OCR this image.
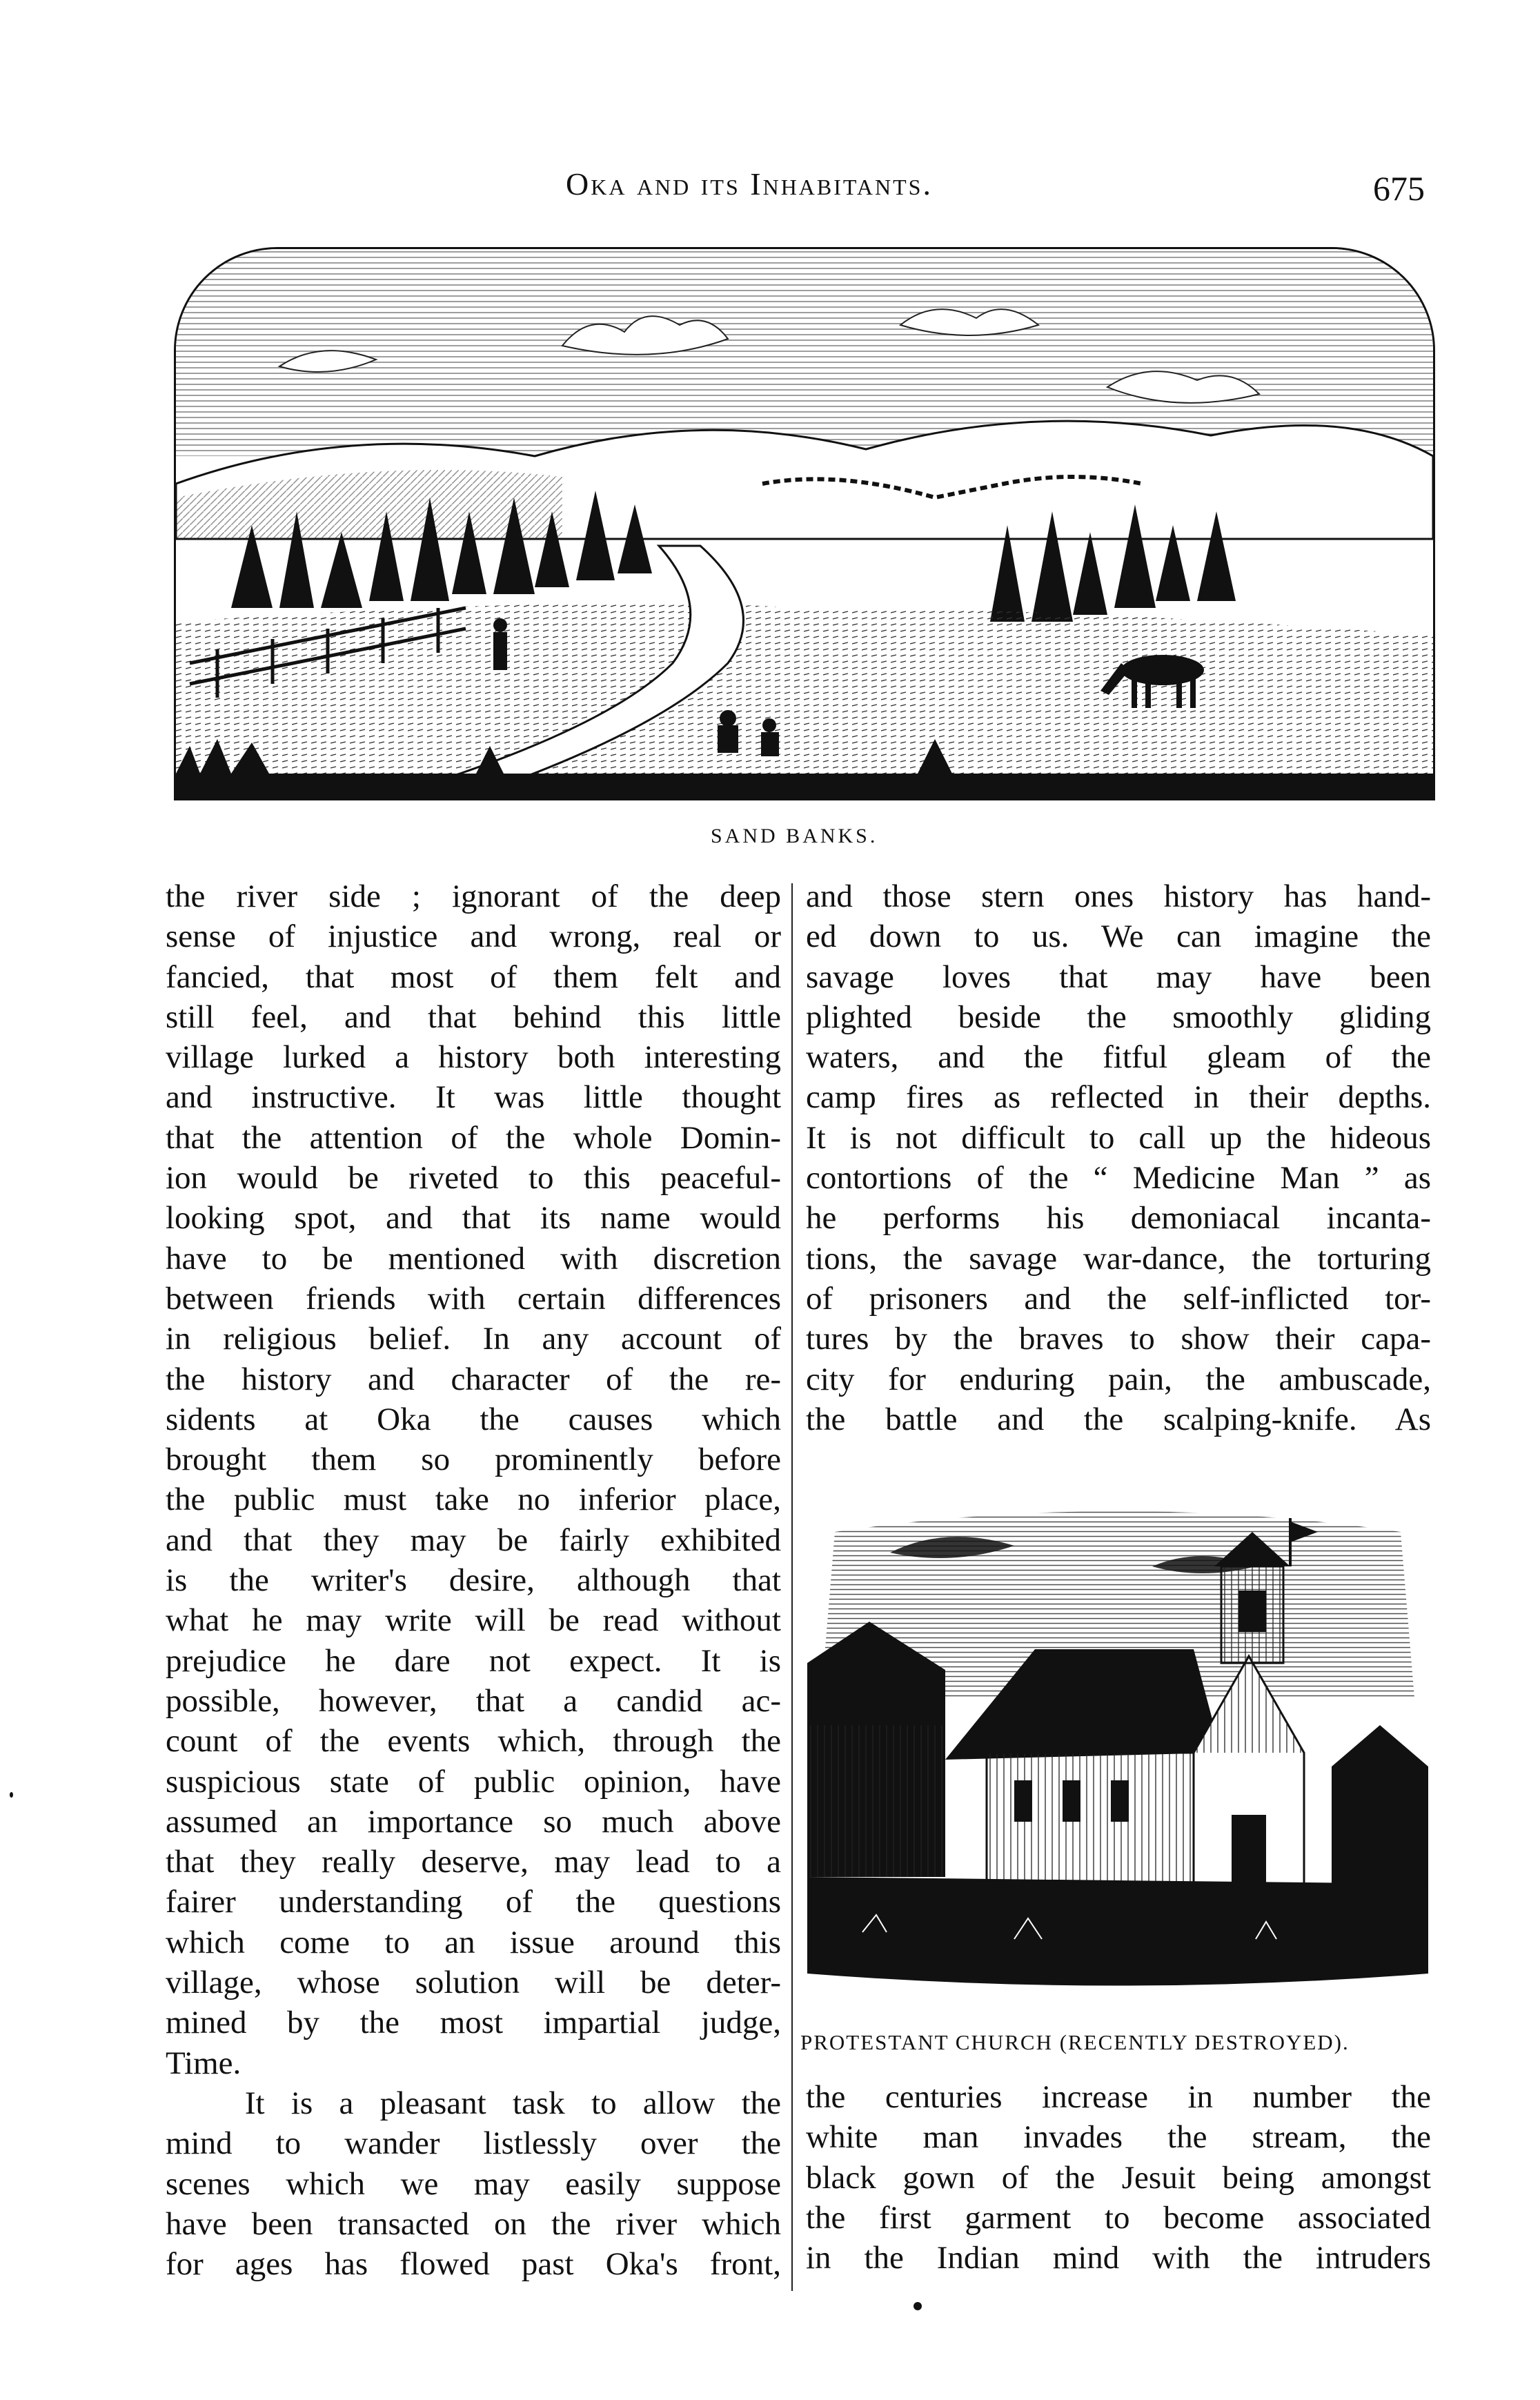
Oka and its Inhabitants.	675
SAND BANKS.
the river side ; ignorant of the deep
sense of injustice and wrong, real or
fancied, that most of them felt and
still feel, and that behind this little
village lurked a history both interesting
and instructive. It was little thought
that the attention of the whole Domin-
ion would be riveted to this peaceful-
looking spot, and that its name would
have to be mentioned with discretion
between friends with certain differences
in religious belief. In any account of
the history and character of the re-
sidents at Oka the causes which
brought them so prominently before
the public must take no inferior place,
and that they may be fairly exhibited
is the writer's desire, although that
what he may write will be read without
prejudice he dare not expect. It is
possible, however, that a candid ac-
count of the events which, through the
suspicious state of public opinion, have
assumed an importance so much above
that they really deserve, may lead to a
fairer understanding of the questions
which come to an issue around this
village, whose solution will be deter-
mined by the most impartial judge,
Time.
It is a pleasant task to allow the
mind to wander listlessly over the
scenes which we may easily suppose
have been transacted on the river which
for ages has flowed past Oka's front,
and those stern ones history has hand-
ed down to us. We can imagine the
savage loves that may have been
plighted beside the smoothly gliding
waters, and the fitful gleam of the
camp fires as reflected in their depths.
It is not difficult to call up the hideous
contortions of the “ Medicine Man ” as
he performs his demoniacal incanta-
tions, the savage war-dance, the torturing
of prisoners and the self-inflicted tor-
tures by the braves to show their capa-
city for enduring pain, the ambuscade,
the battle and the scalping-knife. As
PROTESTANT CHURCH (RECENTLY DESTROYED).
the centuries increase in number the
white man invades the stream, the
black gown of the Jesuit being amongst
the first garment to become associated
in the Indian mind with the intruders
